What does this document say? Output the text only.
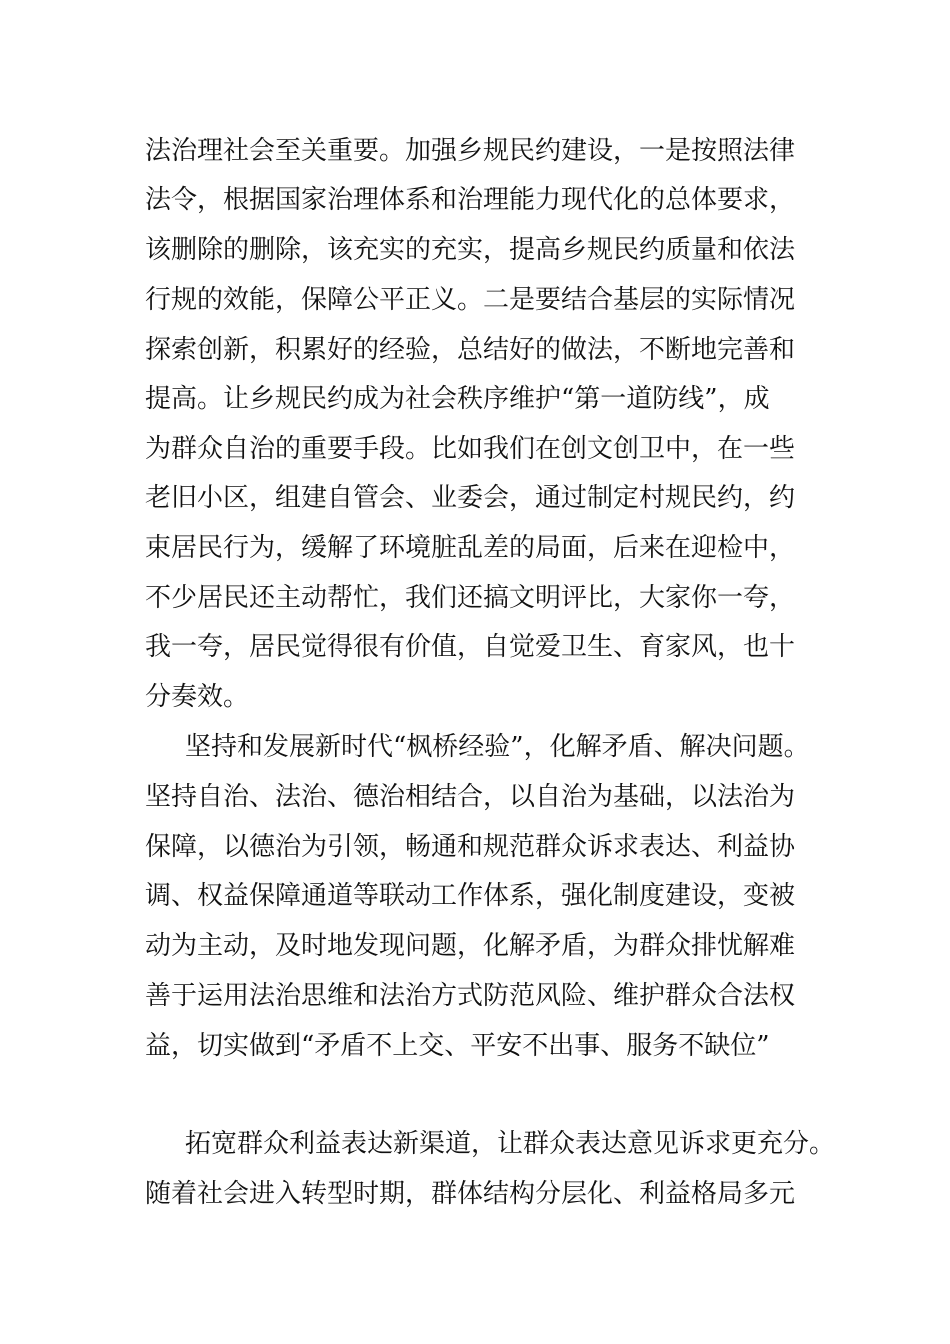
法治理社会至关重要。加强乡规民约建设，一是按照法律
法令，根据国家治理体系和治理能力现代化的总体要求，
该删除的删除，该充实的充实，提高乡规民约质量和依法
行规的效能，保障公平正义。二是要结合基层的实际情况
探索创新，积累好的经验，总结好的做法，不断地完善和
提高。让乡规民约成为社会秩序维护“第一道防线”，成
为群众自治的重要手段。比如我们在创文创卫中，在一些
老旧小区，组建自管会、业委会，通过制定村规民约，约
束居民行为，缓解了环境脏乱差的局面，后来在迎检中，
不少居民还主动帮忙，我们还搞文明评比，大家你一夸，
我一夸，居民觉得很有价值，自觉爱卫生、育家风，也十
分奏效。
坚持和发展新时代“枫桥经验”，化解矛盾、解决问题。
坚持自治、法治、德治相结合，以自治为基础，以法治为
保障，以德治为引领，畅通和规范群众诉求表达、利益协
调、权益保障通道等联动工作体系，强化制度建设，变被
动为主动，及时地发现问题，化解矛盾，为群众排忧解难
善于运用法治思维和法治方式防范风险、维护群众合法权
益，切实做到“矛盾不上交、平安不出事、服务不缺位”
拓宽群众利益表达新渠道，让群众表达意见诉求更充分。
随着社会进入转型时期，群体结构分层化、利益格局多元
